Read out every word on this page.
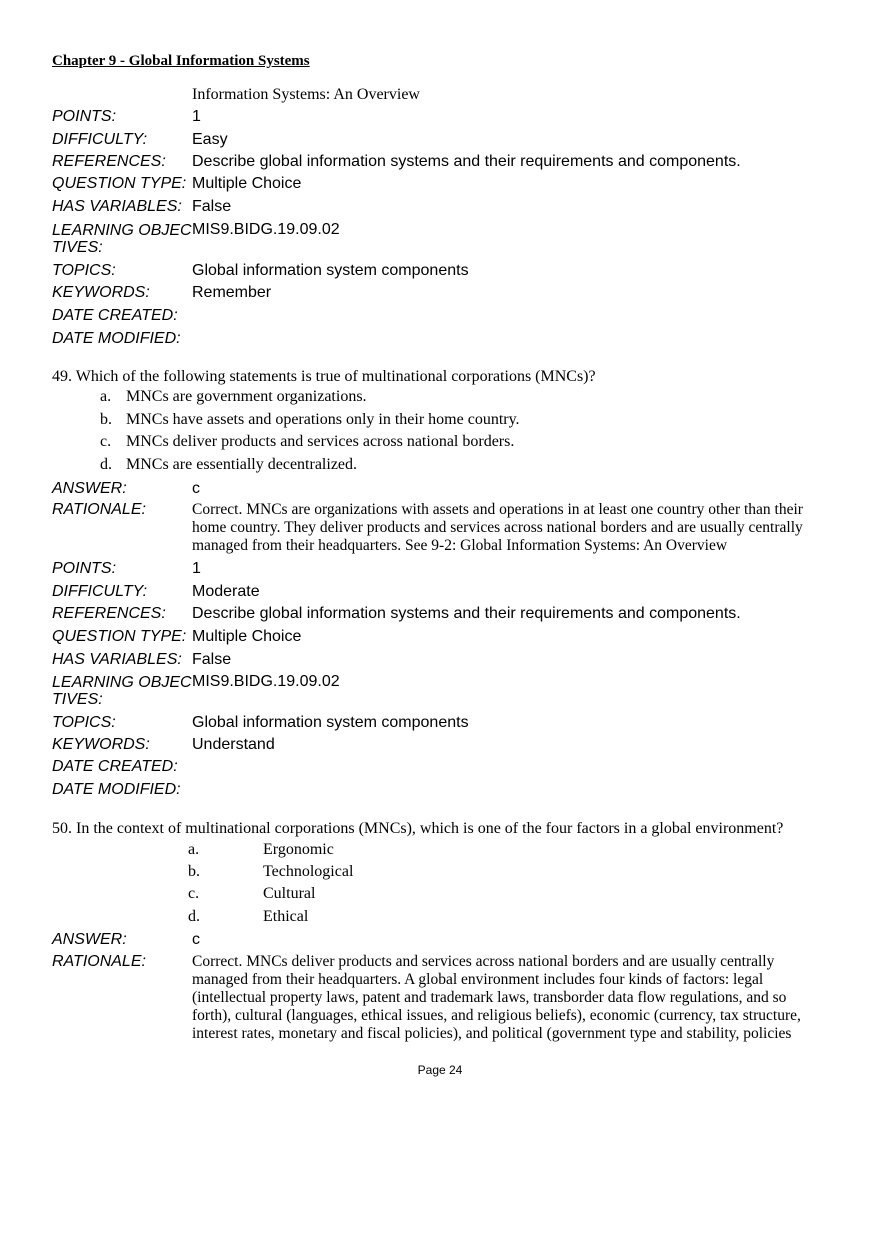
Chapter 9 - Global Information Systems
Information Systems: An Overview
POINTS:	1
DIFFICULTY:	Easy
REFERENCES: Describe global information systems and their requirements and components.
QUESTION TYPE: Multiple Choice
HAS VARIABLES: False
LEARNING OBJECTIVES:
MIS9.BIDG.19.09.02
TOPICS:	Global information system components
KEYWORDS:	Remember
DATE CREATED:
DATE MODIFIED:
49. Which of the following statements is true of multinational corporations (MNCs)?
a. MNCs are government organizations.
b. MNCs have assets and operations only in their home country.
c. MNCs deliver products and services across national borders.
d. MNCs are essentially decentralized.
ANSWER:	c
RATIONALE:	Correct. MNCs are organizations with assets and operations in at least one country other than their home country. They deliver products and services across national borders and are usually centrally managed from their headquarters. See 9-2: Global Information Systems: An Overview
POINTS:	1
DIFFICULTY:	Moderate
REFERENCES: Describe global information systems and their requirements and components.
QUESTION TYPE: Multiple Choice
HAS VARIABLES: False
LEARNING OBJECTIVES:
MIS9.BIDG.19.09.02
TOPICS:	Global information system components
KEYWORDS:	Understand
DATE CREATED:
DATE MODIFIED:
50. In the context of multinational corporations (MNCs), which is one of the four factors in a global environment?
a.	Ergonomic
b.	Technological
c.	Cultural
d.	Ethical
ANSWER:	c
RATIONALE:	Correct. MNCs deliver products and services across national borders and are usually centrally managed from their headquarters. A global environment includes four kinds of factors: legal (intellectual property laws, patent and trademark laws, transborder data flow regulations, and so forth), cultural (languages, ethical issues, and religious beliefs), economic (currency, tax structure, interest rates, monetary and fiscal policies), and political (government type and stability, policies
Page 24
